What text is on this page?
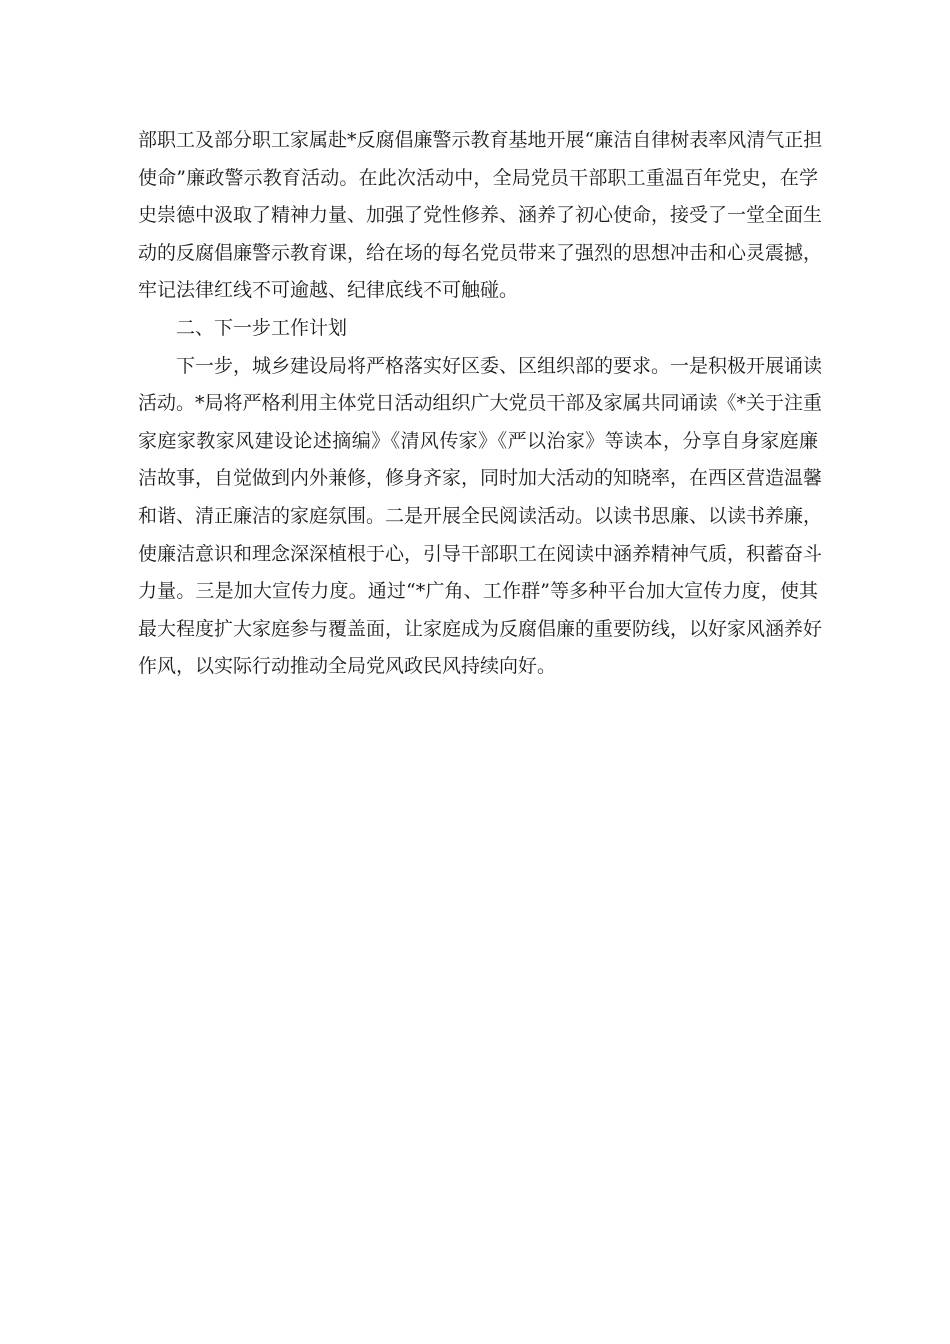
部职工及部分职工家属赴*反腐倡廉警示教育基地开展“廉洁自律树表率风清气正担
使命”廉政警示教育活动。在此次活动中，全局党员干部职工重温百年党史，在学
史崇德中汲取了精神力量、加强了党性修养、涵养了初心使命，接受了一堂全面生
动的反腐倡廉警示教育课，给在场的每名党员带来了强烈的思想冲击和心灵震撼，
牢记法律红线不可逾越、纪律底线不可触碰。
二、下一步工作计划
下一步，城乡建设局将严格落实好区委、区组织部的要求。一是积极开展诵读
活动。*局将严格利用主体党日活动组织广大党员干部及家属共同诵读《*关于注重
家庭家教家风建设论述摘编》《清风传家》《严以治家》等读本，分享自身家庭廉
洁故事，自觉做到内外兼修，修身齐家，同时加大活动的知晓率，在西区营造温馨
和谐、清正廉洁的家庭氛围。二是开展全民阅读活动。以读书思廉、以读书养廉，
使廉洁意识和理念深深植根于心，引导干部职工在阅读中涵养精神气质，积蓄奋斗
力量。三是加大宣传力度。通过“*广角、工作群”等多种平台加大宣传力度，使其
最大程度扩大家庭参与覆盖面，让家庭成为反腐倡廉的重要防线，以好家风涵养好
作风，以实际行动推动全局党风政民风持续向好。
